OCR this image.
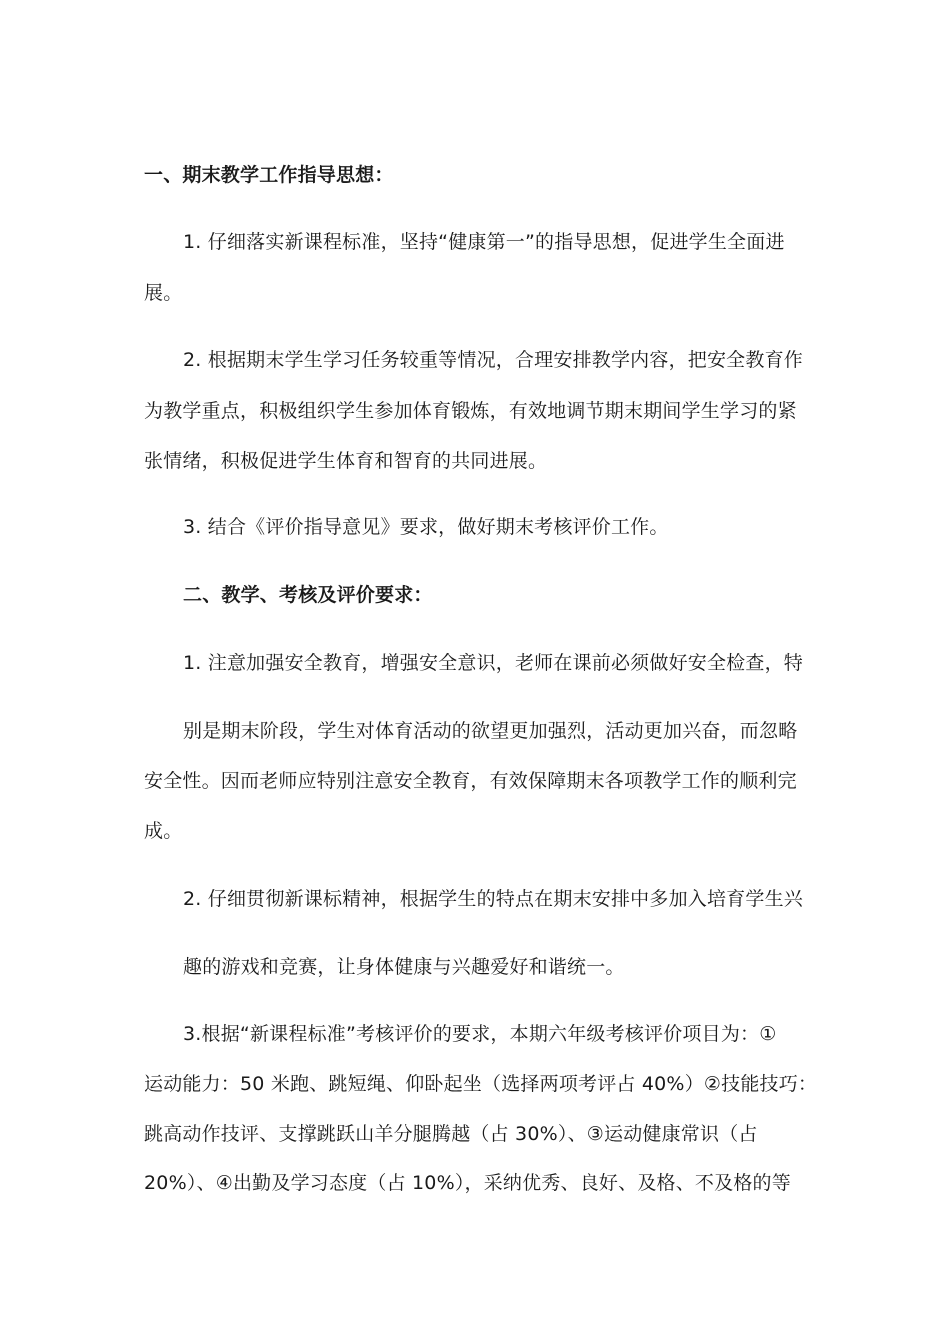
一、期末教学工作指导思想：
1. 仔细落实新课程标准，坚持“健康第一”的指导思想，促进学生全面进
展。
2. 根据期末学生学习任务较重等情况，合理安排教学内容，把安全教育作
为教学重点，积极组织学生参加体育锻炼，有效地调节期末期间学生学习的紧
张情绪，积极促进学生体育和智育的共同进展。
3. 结合《评价指导意见》要求，做好期末考核评价工作。
二、教学、考核及评价要求：
1. 注意加强安全教育，增强安全意识，老师在课前必须做好安全检查，特
别是期末阶段，学生对体育活动的欲望更加强烈，活动更加兴奋，而忽略
安全性。因而老师应特别注意安全教育，有效保障期末各项教学工作的顺利完
成。
2. 仔细贯彻新课标精神，根据学生的特点在期末安排中多加入培育学生兴
趣的游戏和竞赛，让身体健康与兴趣爱好和谐统一。
3.根据“新课程标准”考核评价的要求，本期六年级考核评价项目为：①
运动能力：50 米跑、跳短绳、仰卧起坐（选择两项考评占 40%）②技能技巧：
跳高动作技评、支撑跳跃山羊分腿腾越（占 30%）、③运动健康常识（占
20%）、④出勤及学习态度（占 10%），采纳优秀、良好、及格、不及格的等
